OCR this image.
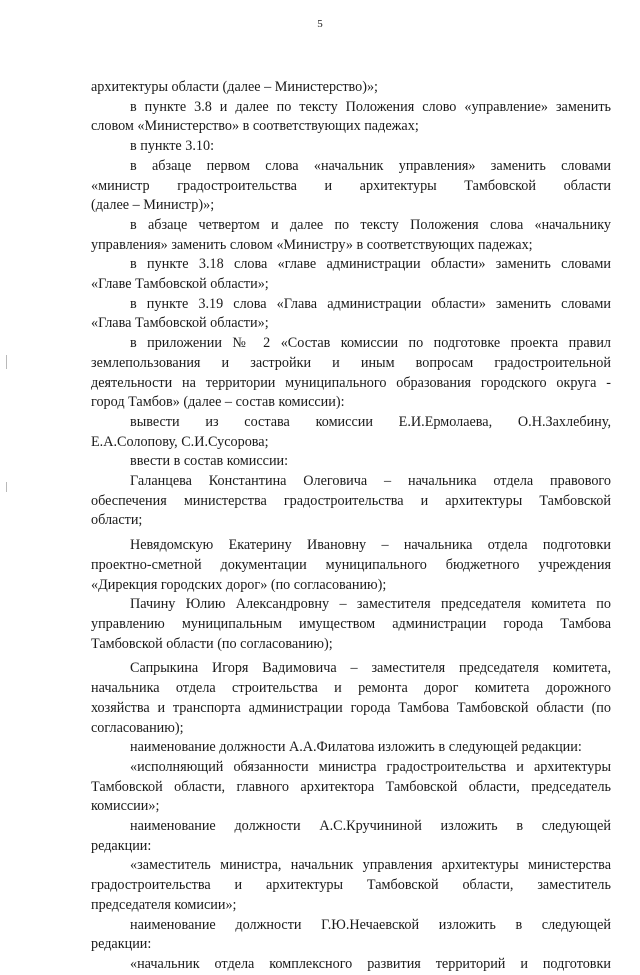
5

архитектуры области (далее – Министерство)»;

в пункте 3.8 и далее по тексту Положения слово «управление» заменить

словом «Министерство» в соответствующих падежах;

в пункте 3.10:

в абзаце первом слова «начальник управления» заменить словами

«министр градостроительства и архитектуры Тамбовской области

(далее – Министр)»;

в абзаце четвертом и далее по тексту Положения слова «начальнику

управления» заменить словом «Министру» в соответствующих падежах;

в пункте 3.18 слова «главе администрации области» заменить словами

«Главе Тамбовской области»;

в пункте 3.19 слова «Глава администрации области» заменить словами

«Глава Тамбовской области»;

в приложении № 2 «Состав комиссии по подготовке проекта правил

землепользования и застройки и иным вопросам градостроительной

деятельности на территории муниципального образования городского округа -

город Тамбов» (далее – состав комиссии):

вывести из состава комиссии Е.И.Ермолаева, О.Н.Захлебину,

Е.А.Солопову, С.И.Сусорова;

ввести в состав комиссии:

Галанцева Константина Олеговича – начальника отдела правового

обеспечения министерства градостроительства и архитектуры Тамбовской

области;

Невядомскую Екатерину Ивановну – начальника отдела подготовки

проектно-сметной документации муниципального бюджетного учреждения

«Дирекция городских дорог» (по согласованию);

Пачину Юлию Александровну – заместителя председателя комитета по

управлению муниципальным имуществом администрации города Тамбова

Тамбовской области (по согласованию);

Сапрыкина Игоря Вадимовича – заместителя председателя комитета,

начальника отдела строительства и ремонта дорог комитета дорожного

хозяйства и транспорта администрации города Тамбова Тамбовской области (по

согласованию);

наименование должности А.А.Филатова изложить в следующей редакции:

«исполняющий обязанности министра градостроительства и архитектуры

Тамбовской области, главного архитектора Тамбовской области, председатель

комиссии»;

наименование должности А.С.Кручининой изложить в следующей

редакции:

«заместитель министра, начальник управления архитектуры министерства

градостроительства и архитектуры Тамбовской области, заместитель

председателя комисии»;

наименование должности Г.Ю.Нечаевской изложить в следующей

редакции:

«начальник отдела комплексного развития территорий и подготовки
